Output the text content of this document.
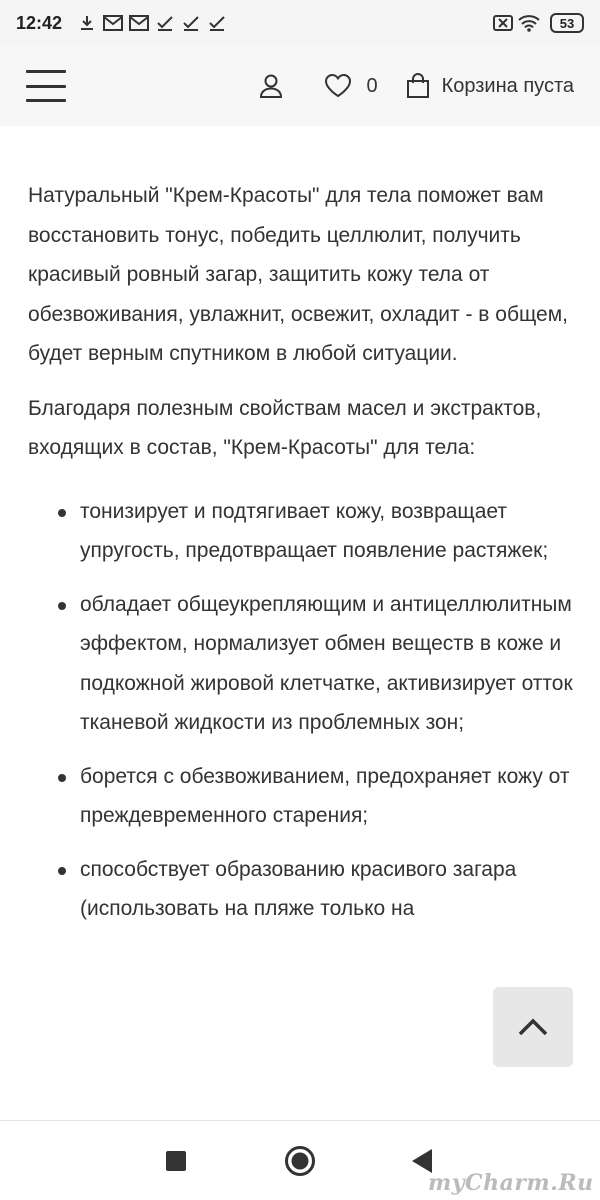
12:42	53
0	Корзина пуста

Натуральный "Крем-Красоты" для тела поможет вам восстановить тонус, победить целлюлит, получить красивый ровный загар, защитить кожу тела от обезвоживания, увлажнит, освежит, охладит - в общем, будет верным спутником в любой ситуации.

Благодаря полезным свойствам масел и экстрактов, входящих в состав, "Крем-Красоты" для тела:

тонизирует и подтягивает кожу, возвращает упругость, предотвращает появление растяжек;
обладает общеукрепляющим и антицеллюлитным эффектом, нормализует обмен веществ в коже и подкожной жировой клетчатке, активизирует отток тканевой жидкости из проблемных зон;
борется с обезвоживанием, предохраняет кожу от преждевременного старения;
способствует образованию красивого загара (использовать на пляже только на
myCharm.Ru
